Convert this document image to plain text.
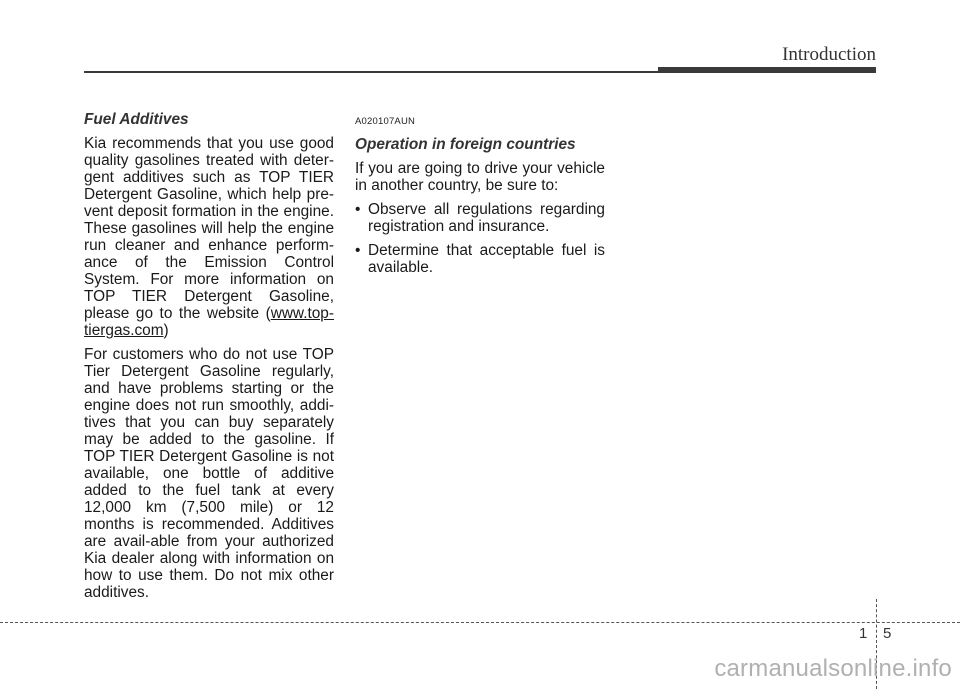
Introduction
Fuel Additives
Kia recommends that you use good quality gasolines treated with deter-gent additives such as TOP TIER Detergent Gasoline, which help pre-vent deposit formation in the engine. These gasolines will help the engine run cleaner and enhance perform-ance of the Emission Control System. For more information on TOP TIER Detergent Gasoline, please go to the website (www.top-tiergas.com)
For customers who do not use TOP Tier Detergent Gasoline regularly, and have problems starting or the engine does not run smoothly, addi-tives that you can buy separately may be added to the gasoline. If TOP TIER Detergent Gasoline is not available, one bottle of additive added to the fuel tank at every 12,000 km (7,500 mile) or 12 months is recommended. Additives are avail-able from your authorized Kia dealer along with information on how to use them. Do not mix other additives.
A020107AUN
Operation in foreign countries
If you are going to drive your vehicle in another country, be sure to:
• Observe all regulations regarding registration and insurance.
• Determine that acceptable fuel is available.
1 5
carmanualsonline.info
